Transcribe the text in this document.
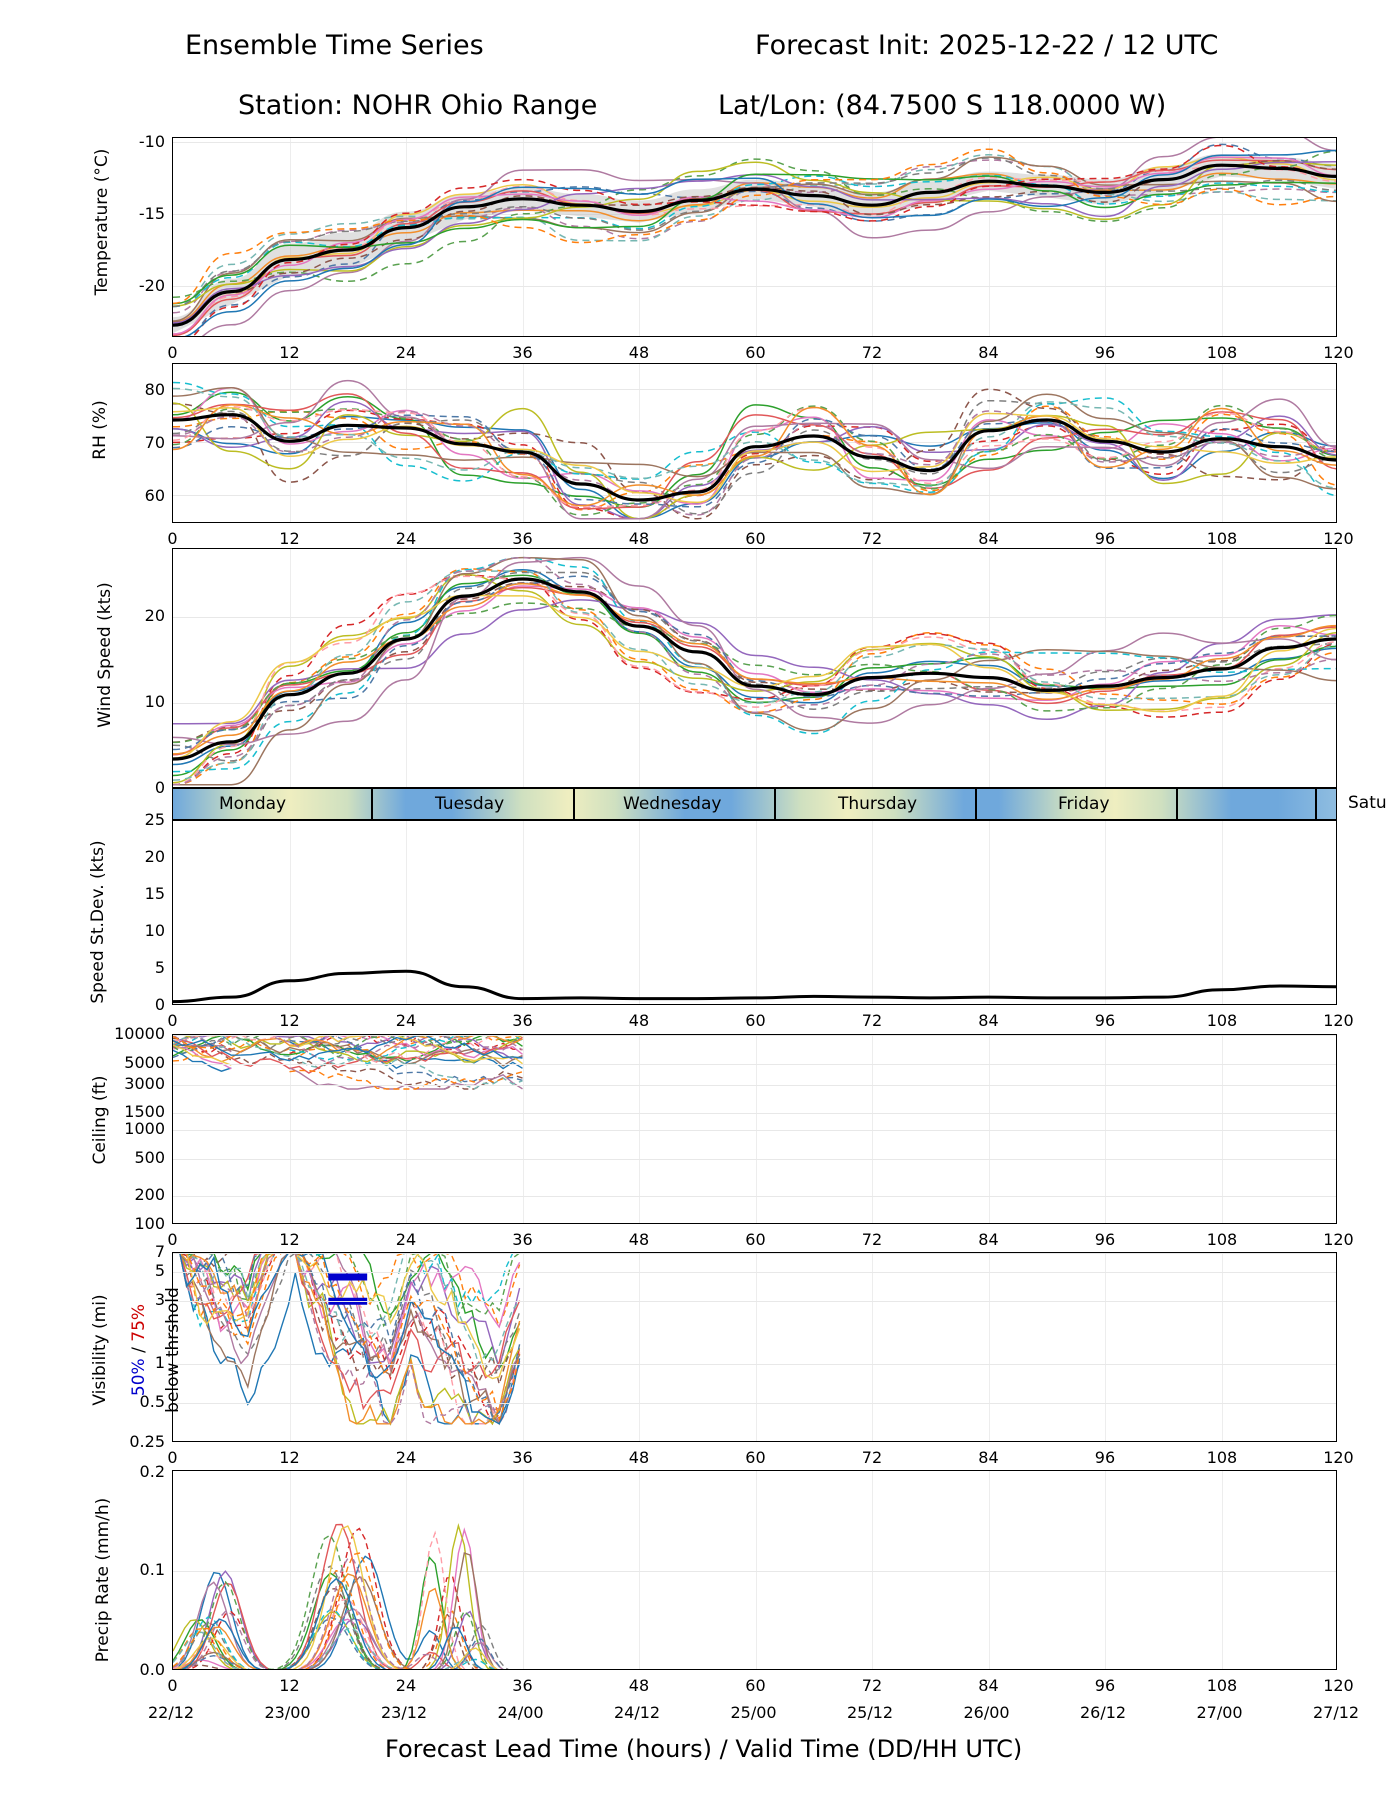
Ensemble Time Series	Forecast Init: 2025-12-22 / 12 UTC
Station: NOHR Ohio Range	Lat/Lon: (84.7500 S 118.0000 W)
Temperature (°C)
-10
-15
-20
0	12	24	36	48	60	72	84	96	108	120
RH (%)
80
70
60
0	12	24	36	48	60	72	84	96	108	120
Wind Speed (kts)
0
10
20
Monday	Tuesday	Wednesday	Thursday	Friday	Satu
Speed St.Dev. (kts)
0
5
10
15
20
25
0	12	24	36	48	60	72	84	96	108	120
Ceiling (ft)
100
200
500
1000
1500
3000
5000
10000
0	12	24	36	48	60	72	84	96	108	120
Visibility (mi) 50% / 75% below thrshold
0.25
0.5
1
3
5
7
0	12	24	36	48	60	72	84	96	108	120
Precip Rate (mm/h)
0.0
0.1
0.2
0	12	24	36	48	60	72	84	96	108	120
22/12	23/00	23/12	24/00	24/12	25/00	25/12	26/00	26/12	27/00	27/12
Forecast Lead Time (hours) / Valid Time (DD/HH UTC)
